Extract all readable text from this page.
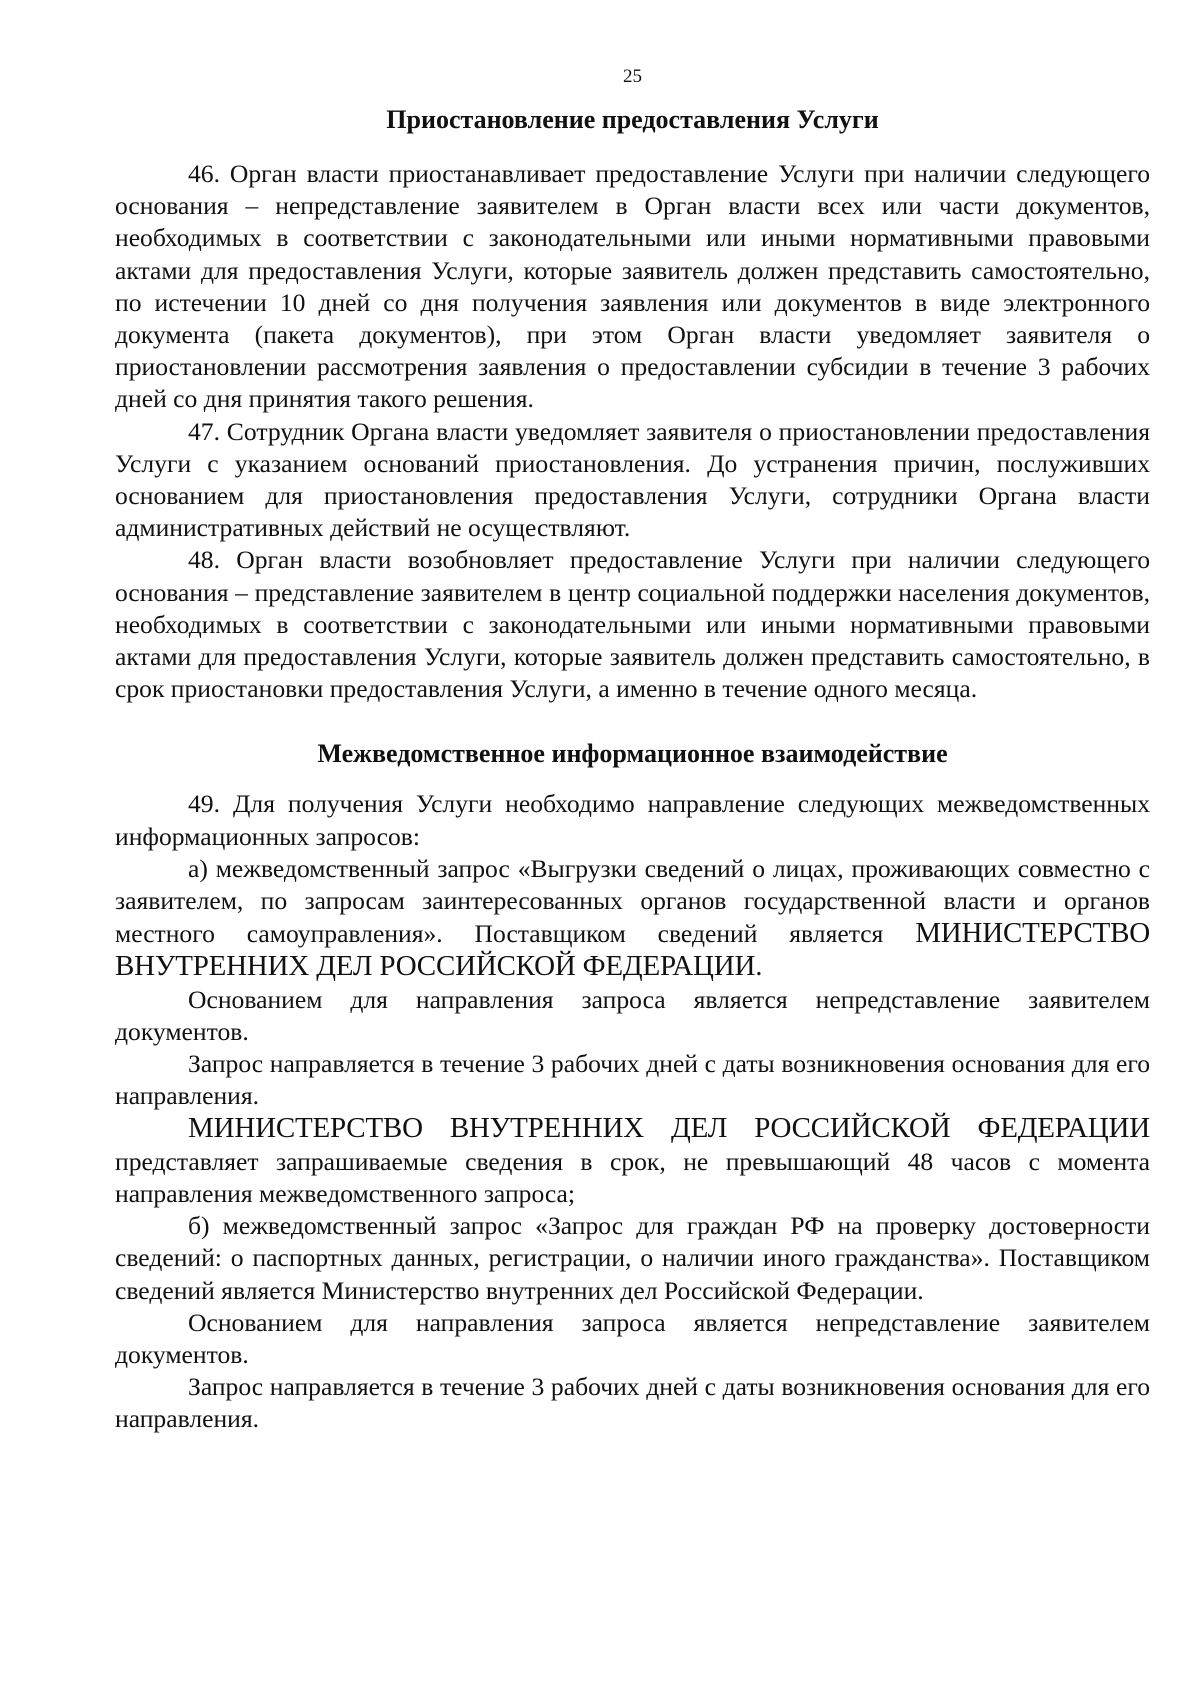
25
Приостановление предоставления Услуги

46. Орган власти приостанавливает предоставление Услуги при наличии следующего основания – непредставление заявителем в Орган власти всех или части документов, необходимых в соответствии с законодательными или иными нормативными правовыми актами для предоставления Услуги, которые заявитель должен представить самостоятельно, по истечении 10 дней со дня получения заявления или документов в виде электронного документа (пакета документов), при этом Орган власти уведомляет заявителя о приостановлении рассмотрения заявления о предоставлении субсидии в течение 3 рабочих дней со дня принятия такого решения.

47. Сотрудник Органа власти уведомляет заявителя о приостановлении предоставления Услуги с указанием оснований приостановления. До устранения причин, послуживших основанием для приостановления предоставления Услуги, сотрудники Органа власти административных действий не осуществляют.

48. Орган власти возобновляет предоставление Услуги при наличии следующего основания – представление заявителем в центр социальной поддержки населения документов, необходимых в соответствии с законодательными или иными нормативными правовыми актами для предоставления Услуги, которые заявитель должен представить самостоятельно, в срок приостановки предоставления Услуги, а именно в течение одного месяца.

Межведомственное информационное взаимодействие

49. Для получения Услуги необходимо направление следующих межведомственных информационных запросов:

а) межведомственный запрос «Выгрузки сведений о лицах, проживающих совместно с заявителем, по запросам заинтересованных органов государственной власти и органов местного самоуправления». Поставщиком сведений является МИНИСТЕРСТВО ВНУТРЕННИХ ДЕЛ РОССИЙСКОЙ ФЕДЕРАЦИИ.

Основанием для направления запроса является непредставление заявителем документов.

Запрос направляется в течение 3 рабочих дней с даты возникновения основания для его направления.

МИНИСТЕРСТВО ВНУТРЕННИХ ДЕЛ РОССИЙСКОЙ ФЕДЕРАЦИИ представляет запрашиваемые сведения в срок, не превышающий 48 часов с момента направления межведомственного запроса;

б) межведомственный запрос «Запрос для граждан РФ на проверку достоверности сведений: о паспортных данных, регистрации, о наличии иного гражданства». Поставщиком сведений является Министерство внутренних дел Российской Федерации.

Основанием для направления запроса является непредставление заявителем документов.

Запрос направляется в течение 3 рабочих дней с даты возникновения основания для его направления.
